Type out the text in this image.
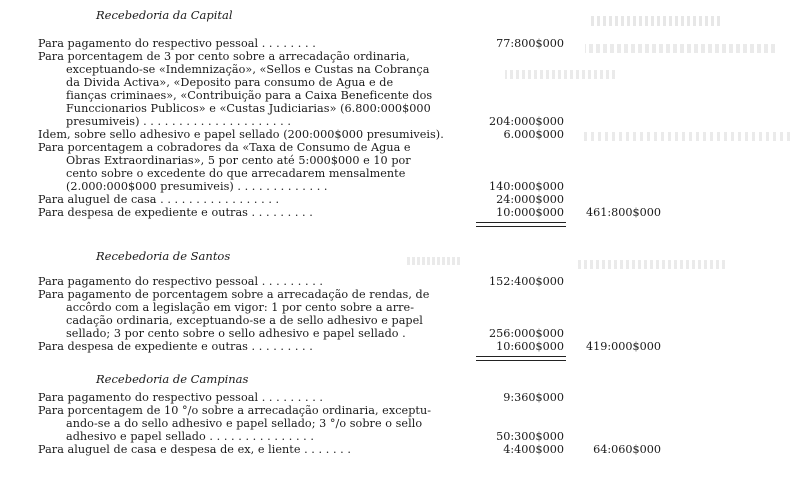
Recebedoria da Capital
Para pagamento do respectivo pessoal . . . . . . . .
Para porcentagem de 3 por cento sobre a arrecadação ordinaria,
exceptuando-se «Indemnização», «Sellos e Custas na Cobrança
da Divida Activa», «Deposito para consumo de Agua e de
fianças criminaes», «Contribuição para a Caixa Beneficente dos
Funccionarios Publicos» e «Custas Judiciarias» (6.800:000$000
presumiveis) . . . . . . . . . . . . . . . . . . . . .
Idem, sobre sello adhesivo e papel sellado (200:000$000 presumiveis).
Para porcentagem a cobradores da «Taxa de Consumo de Agua e
Obras Extraordinarias», 5 por cento até 5:000$000 e 10 por
cento sobre o excedente do que arrecadarem mensalmente
(2.000:000$000 presumiveis) . . . . . . . . . . . . .
Para aluguel de casa . . . . . . . . . . . . . . . . .
Para despesa de expediente e outras . . . . . . . . .
77:800$000
204:000$000
6.000$000
140:000$000
24:000$000
10:000$000 461:800$000
Recebedoria de Santos
Para pagamento do respectivo pessoal . . . . . . . . .
Para pagamento de porcentagem sobre a arrecadação de rendas, de
accôrdo com a legislação em vigor: 1 por cento sobre a arre-
cadação ordinaria, exceptuando-se a de sello adhesivo e papel
sellado; 3 por cento sobre o sello adhesivo e papel sellado .
Para despesa de expediente e outras . . . . . . . . .
152:400$000
256:000$000
10:600$000 419:000$000
Recebedoria de Campinas
Para pagamento do respectivo pessoal . . . . . . . . .
Para porcentagem de 10 °/o sobre a arrecadação ordinaria, exceptu-
ando-se a do sello adhesivo e papel sellado; 3 °/o sobre o sello
adhesivo e papel sellado . . . . . . . . . . . . . . .
Para aluguel de casa e despesa de ex, e liente . . . . . . .
9:360$000
50:300$000
4:400$000	64:060$000
